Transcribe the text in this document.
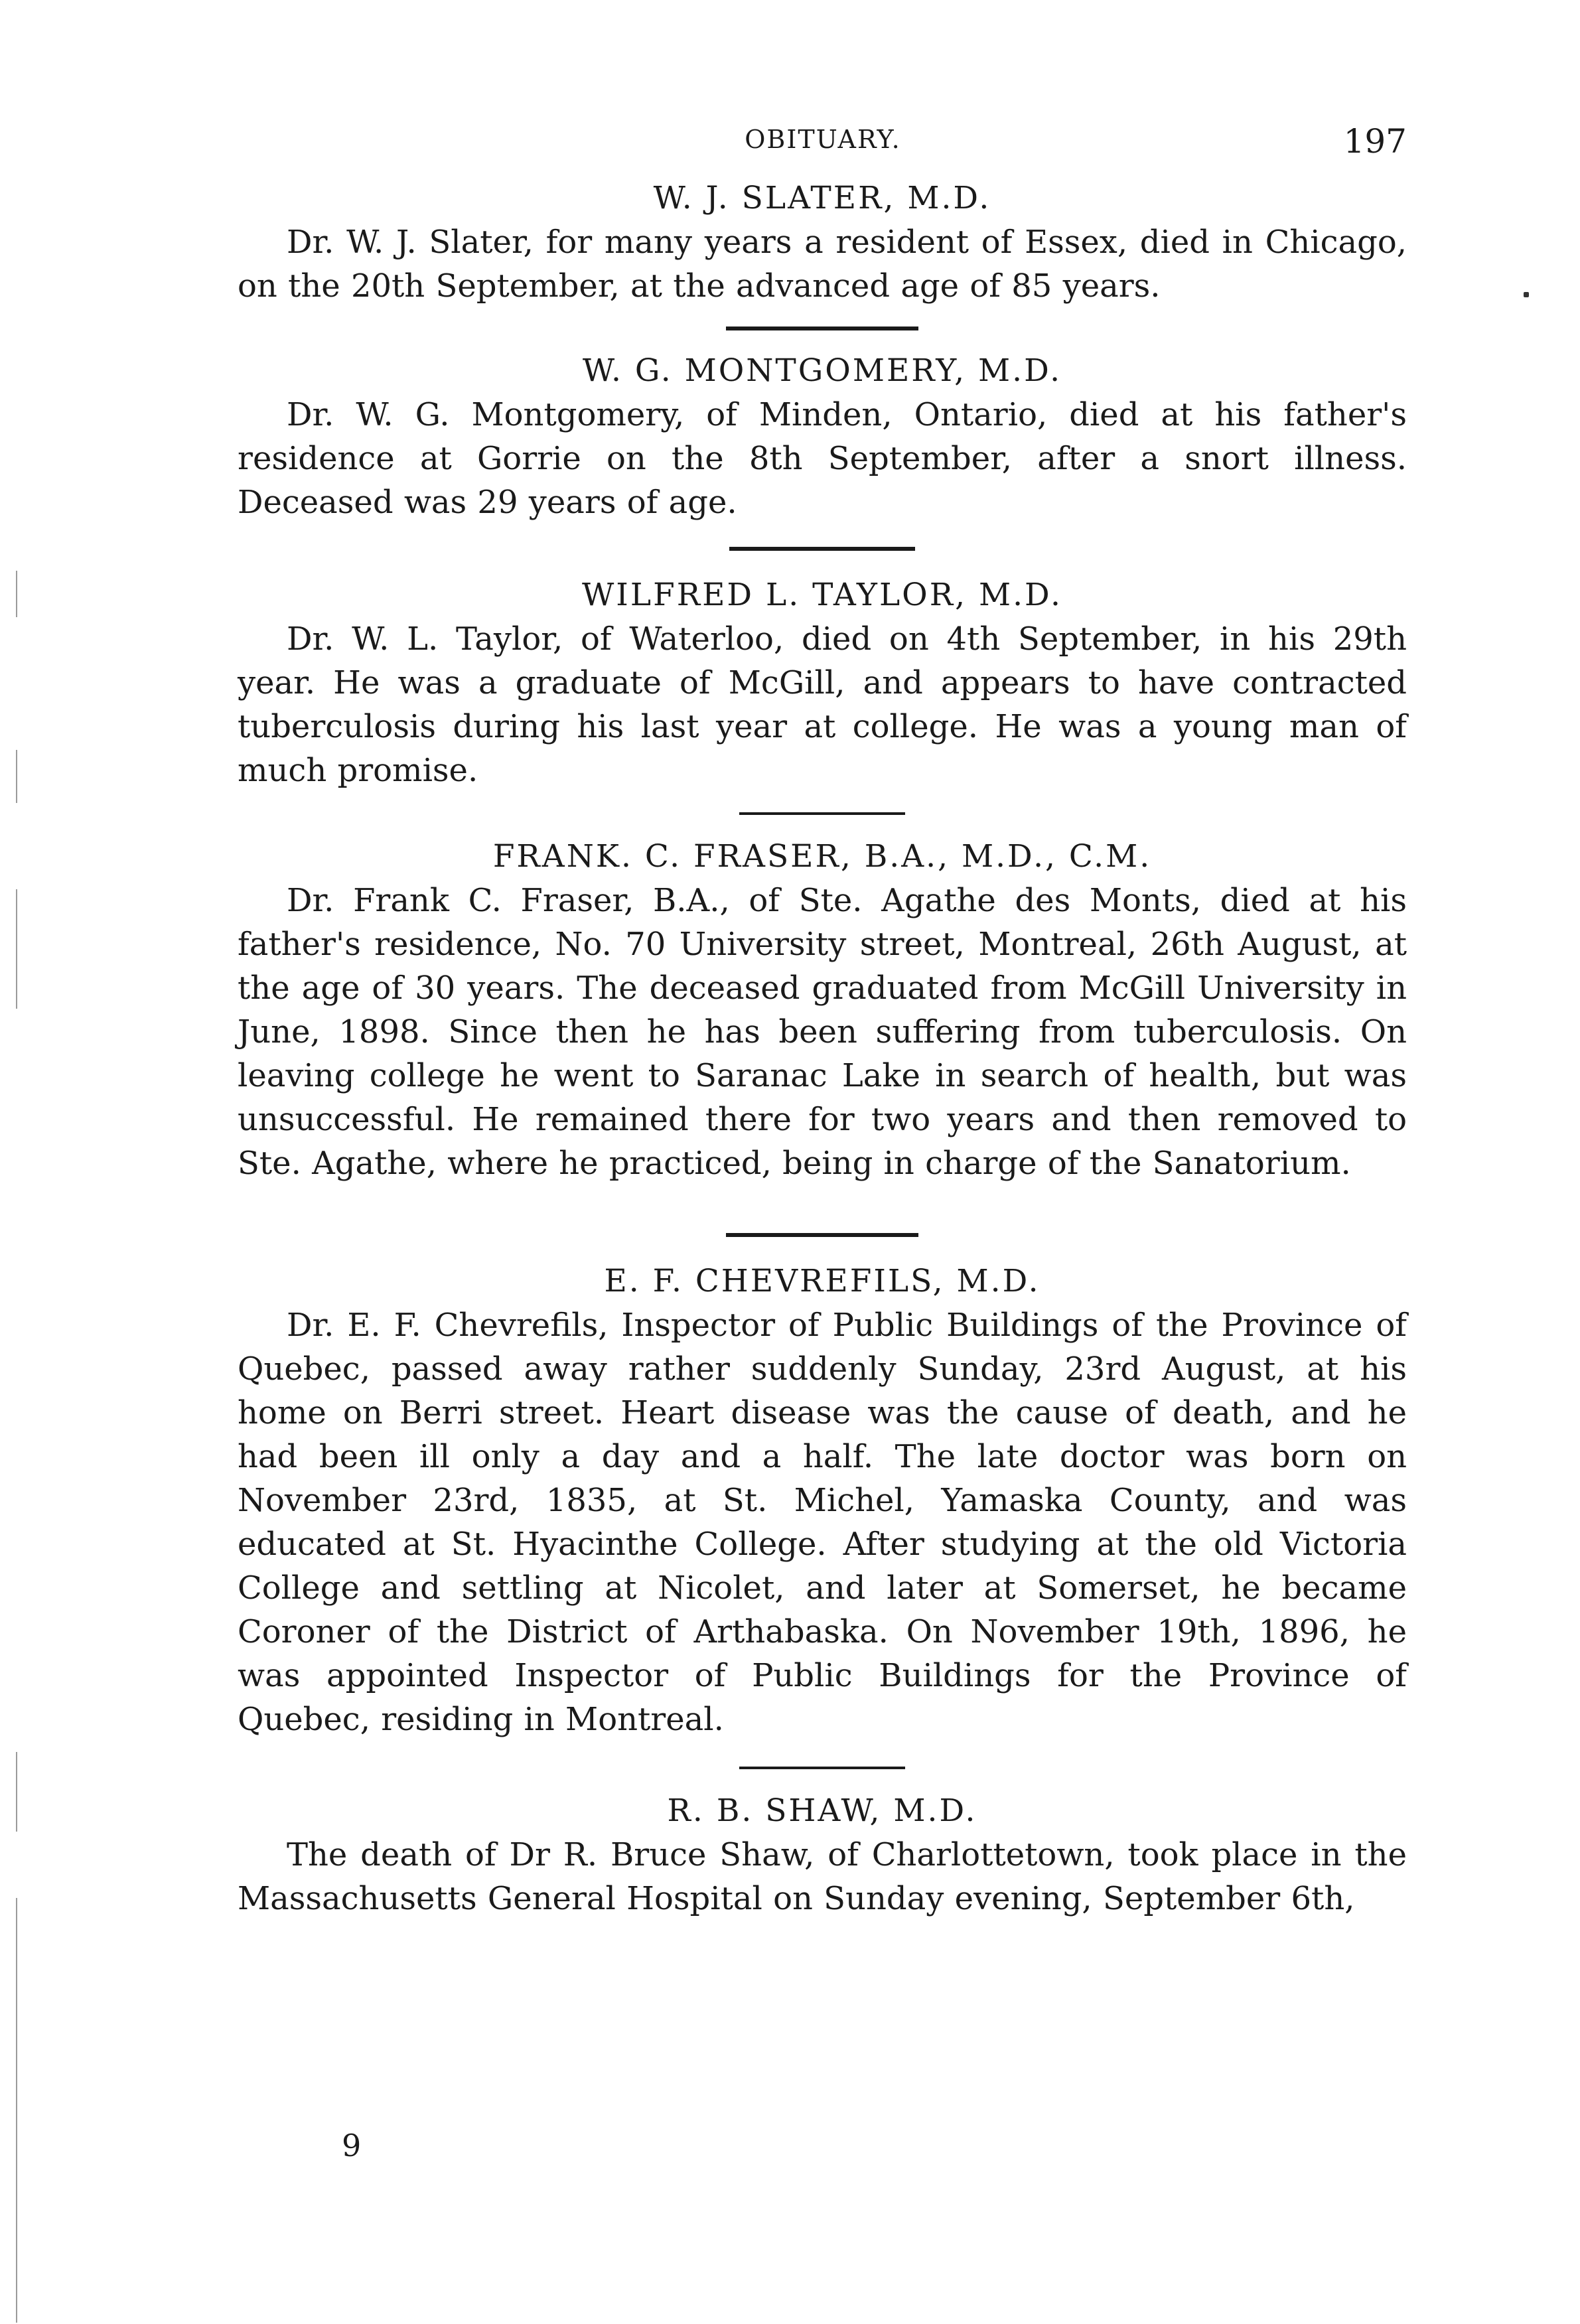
OBITUARY.	197
W. J. SLATER, M.D.

Dr. W. J. Slater, for many years a resident of Essex, died in Chicago, on the 20th September, at the advanced age of 85 years.

W. G. MONTGOMERY, M.D.

Dr. W. G. Montgomery, of Minden, Ontario, died at his father's residence at Gorrie on the 8th September, after a snort illness. Deceased was 29 years of age.

WILFRED L. TAYLOR, M.D.

Dr. W. L. Taylor, of Waterloo, died on 4th September, in his 29th year. He was a graduate of McGill, and appears to have contracted tuberculosis during his last year at college. He was a young man of much promise.

FRANK. C. FRASER, B.A., M.D., C.M.

Dr. Frank C. Fraser, B.A., of Ste. Agathe des Monts, died at his father's residence, No. 70 University street, Montreal, 26th August, at the age of 30 years. The deceased graduated from McGill University in June, 1898. Since then he has been suffering from tuberculosis. On leaving college he went to Saranac Lake in search of health, but was unsuccessful. He remained there for two years and then removed to Ste. Agathe, where he practiced, being in charge of the Sanatorium.

E. F. CHEVREFILS, M.D.

Dr. E. F. Chevrefils, Inspector of Public Buildings of the Province of Quebec, passed away rather suddenly Sunday, 23rd August, at his home on Berri street. Heart disease was the cause of death, and he had been ill only a day and a half. The late doctor was born on November 23rd, 1835, at St. Michel, Yamaska County, and was educated at St. Hyacinthe College. After studying at the old Victoria College and settling at Nicolet, and later at Somerset, he became Coroner of the District of Arthabaska. On November 19th, 1896, he was appointed Inspector of Public Buildings for the Province of Quebec, residing in Montreal.

R. B. SHAW, M.D.

The death of Dr R. Bruce Shaw, of Charlottetown, took place in the Massachusetts General Hospital on Sunday evening, September 6th,

9
